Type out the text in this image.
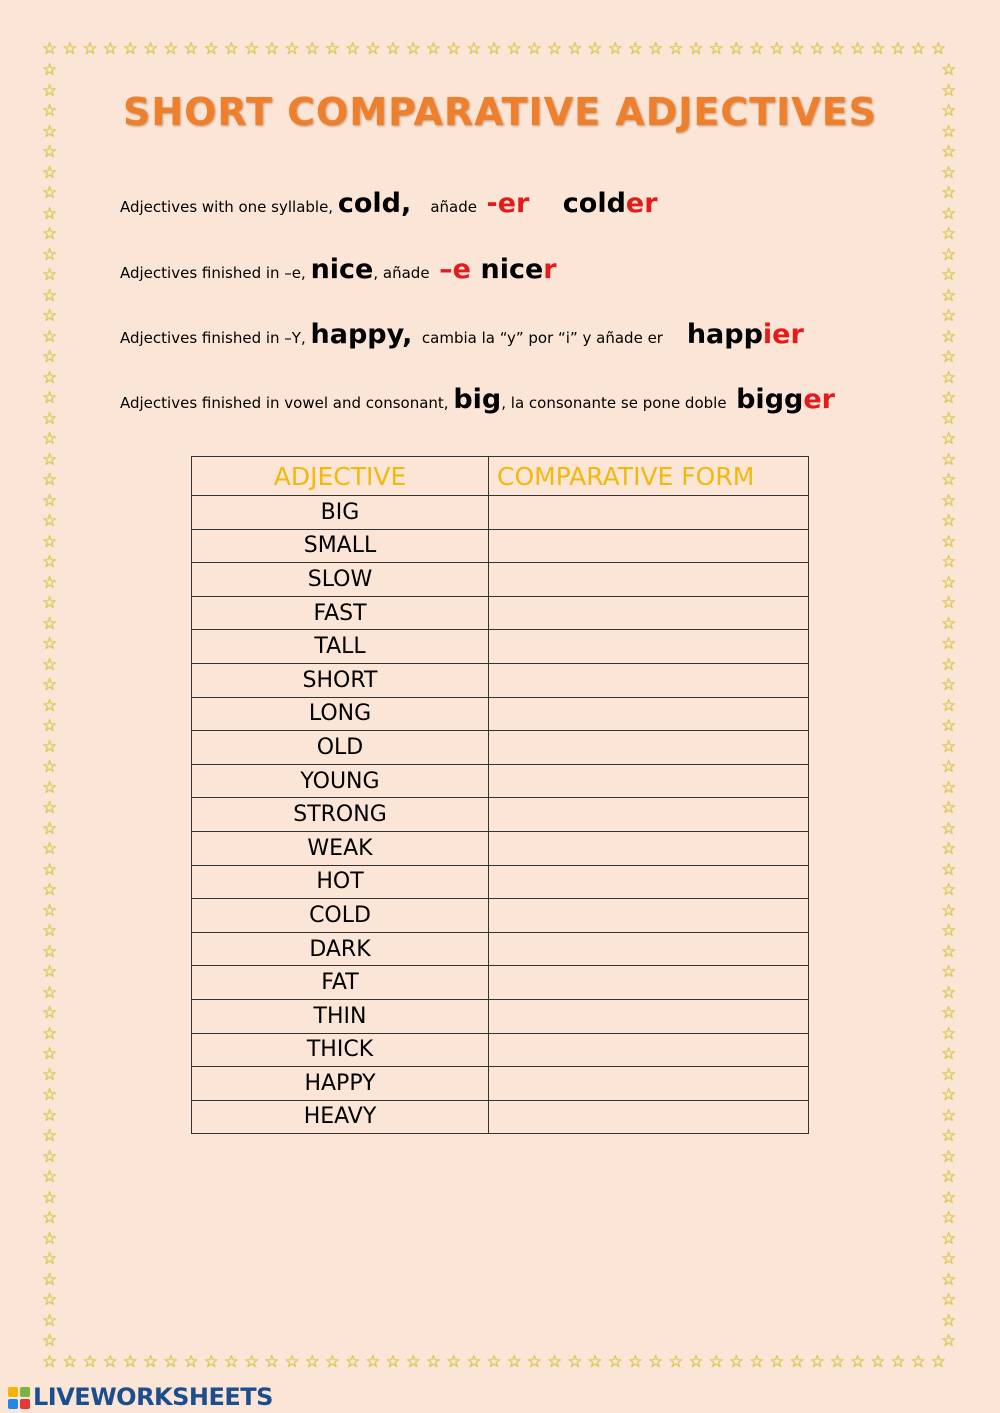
☆
☆
☆
☆
☆
☆
☆
☆
☆
☆
☆
☆
☆
☆
☆
☆
☆
☆
☆
☆
☆
☆
☆
☆
☆
☆
☆
☆
☆
☆
☆
☆
☆
☆
☆
☆
☆
☆
☆
☆
☆
☆
☆
☆
☆
☆
☆
☆
☆
☆
☆
☆
☆
☆
☆
☆
☆
☆
☆
☆
☆
☆
☆
☆
☆
☆
☆
☆
☆
☆
☆
☆
☆
☆
☆
☆
☆
☆
☆
☆
☆
☆
☆
☆
☆
☆
☆
☆
☆
☆
☆	☆
☆	☆
☆	☆
☆	☆
☆	☆
☆	☆
☆	☆
☆	☆
☆	☆
☆	☆
☆	☆
☆	☆
☆	☆
☆	☆
☆	☆
☆	☆
☆	☆
☆	☆
☆	☆
☆	☆
☆	☆
☆	☆
☆	☆
☆	☆
☆	☆
☆	☆
☆	☆
☆	☆
☆	☆
☆	☆
☆	☆
☆	☆
☆	☆
☆	☆
☆	☆
☆	☆
☆	☆
☆	☆
☆	☆
☆	☆
☆	☆
☆	☆
☆	☆
☆	☆
☆	☆
☆	☆
☆	☆
☆	☆
☆	☆
☆	☆
☆	☆
☆	☆
☆	☆
☆	☆
☆	☆
☆	☆
☆	☆
☆	☆
☆	☆
☆	☆
☆	☆
☆	☆
☆	☆
SHORT COMPARATIVE ADJECTIVES
Adjectives with one syllable, cold, añade -er colder
Adjectives finished in –e, nice, añade –e nicer
Adjectives finished in –Y, happy, cambia la “y” por “i” y añade er happier
Adjectives finished in vowel and consonant, big, la consonante se pone doble bigger
ADJECTIVE	COMPARATIVE FORM
BIG	
SMALL	
SLOW	
FAST	
TALL	
SHORT	
LONG	
OLD	
YOUNG	
STRONG	
WEAK	
HOT	
COLD	
DARK	
FAT	
THIN	
THICK	
HAPPY	
HEAVY	
LIVEWORKSHEETS
